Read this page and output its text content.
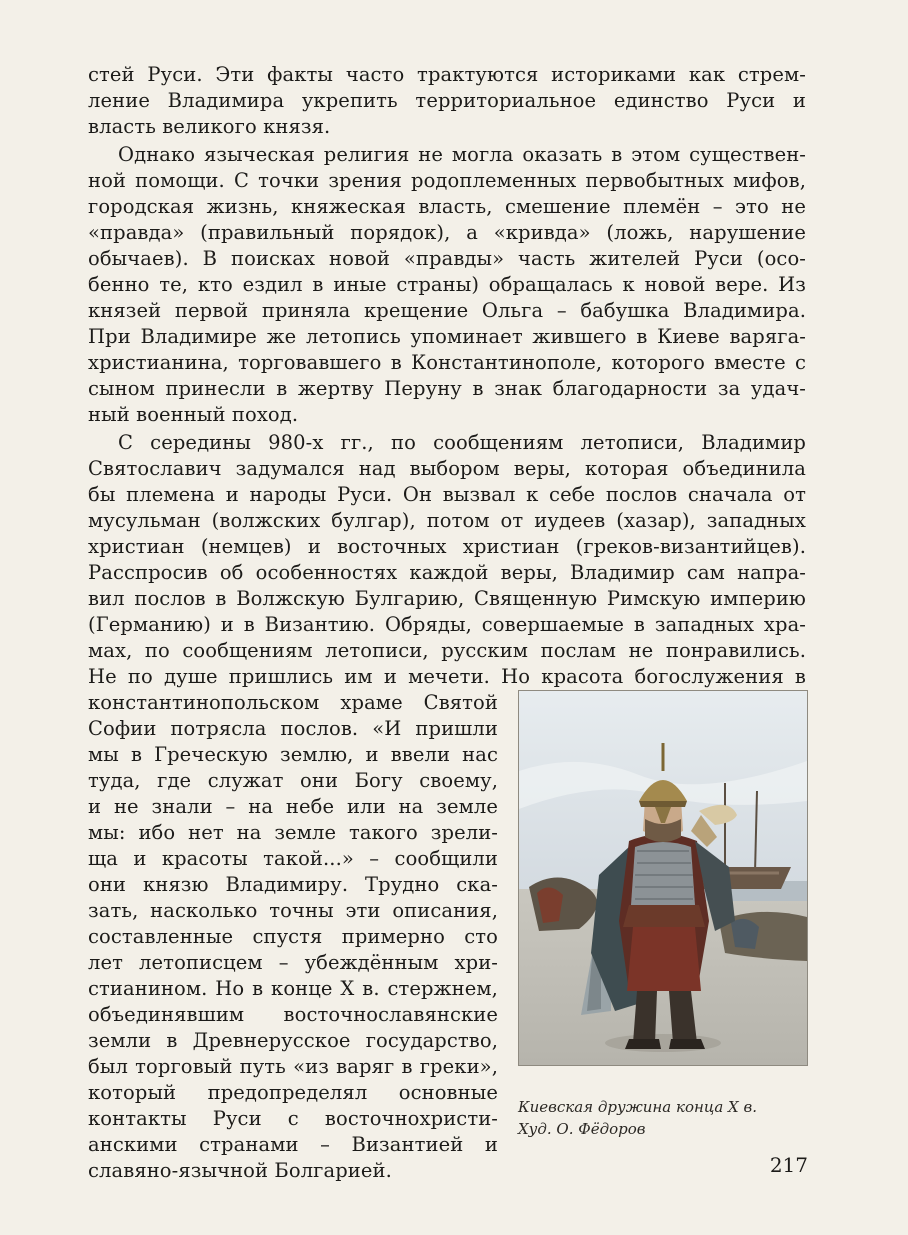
стей Руси. Эти факты часто трактуются историками как стрем-
ление Владимира укрепить территориальное единство Руси и
власть великого князя.
Однако языческая религия не могла оказать в этом существен-
ной помощи. С точки зрения родоплеменных первобытных мифов,
городская жизнь, княжеская власть, смешение племён – это не
«правда» (правильный порядок), а «кривда» (ложь, нарушение
обычаев). В поисках новой «правды» часть жителей Руси (осо-
бенно те, кто ездил в иные страны) обращалась к новой вере. Из
князей первой приняла крещение Ольга – бабушка Владимира.
При Владимире же летопись упоминает жившего в Киеве варяга-
христианина, торговавшего в Константинополе, которого вместе с
сыном принесли в жертву Перуну в знак благодарности за удач-
ный военный поход.
С середины 980-х гг., по сообщениям летописи, Владимир
Святославич задумался над выбором веры, которая объединила
бы племена и народы Руси. Он вызвал к себе послов сначала от
мусульман (волжских булгар), потом от иудеев (хазар), западных
христиан (немцев) и восточных христиан (греков-византийцев).
Расспросив об особенностях каждой веры, Владимир сам напра-
вил послов в Волжскую Булгарию, Священную Римскую империю
(Германию) и в Византию. Обряды, совершаемые в западных хра-
мах, по сообщениям летописи, русским послам не понравились.
Не по душе пришлись им и мечети. Но красота богослужения в
константинопольском храме Святой
Софии потрясла послов. «И пришли
мы в Греческую землю, и ввели нас
туда, где служат они Богу своему,
и не знали – на небе или на земле
мы: ибо нет на земле такого зрели-
ща и красоты такой...» – сообщили
они князю Владимиру. Трудно ска-
зать, насколько точны эти описания,
составленные спустя примерно сто
лет летописцем – убеждённым хри-
стианином. Но в конце X в. стержнем,
объединявшим восточнославянские
земли в Древнерусское государство,
был торговый путь «из варяг в греки»,
который предопределял основные
контакты Руси с восточнохристи-
анскими странами – Византией и
славяно-язычной Болгарией.
Киевская дружина конца X в.
Худ. О. Фёдоров
217
